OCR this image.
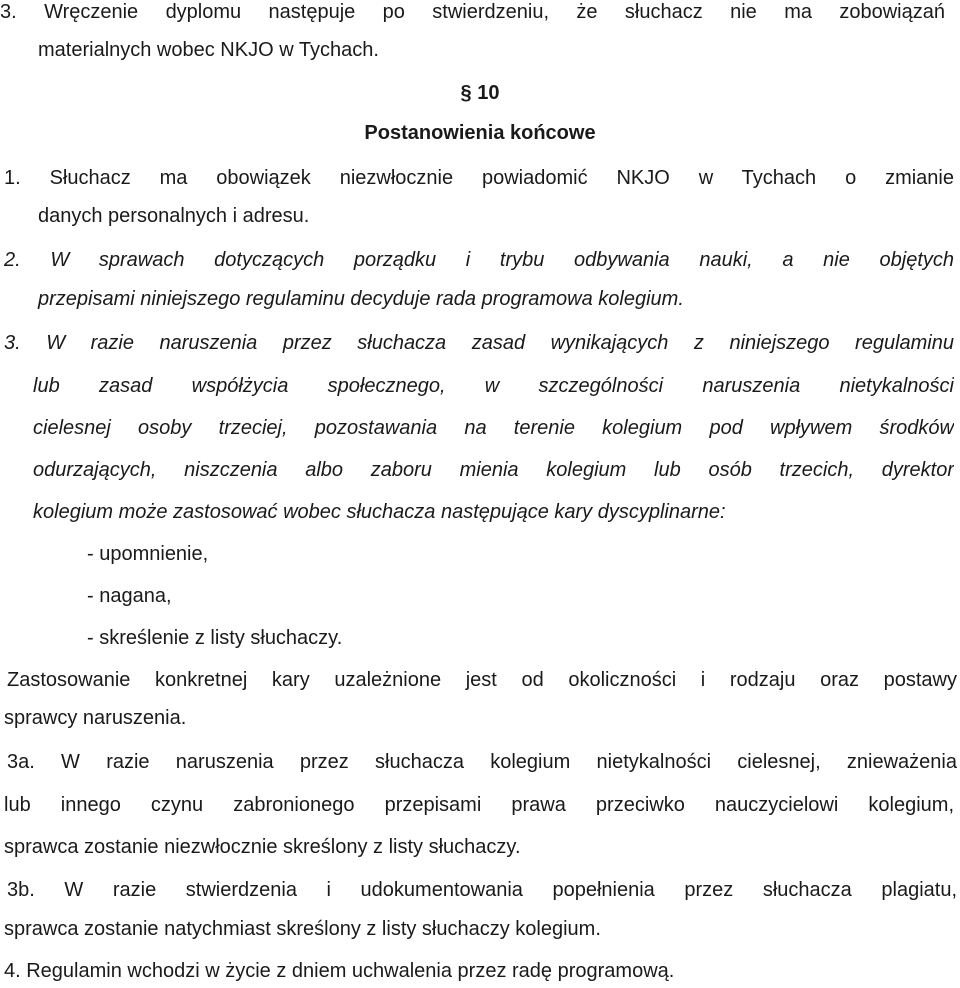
3. Wręczenie dyplomu następuje po stwierdzeniu, że słuchacz nie ma zobowiązań
materialnych wobec NKJO w Tychach.
§ 10
Postanowienia końcowe
1. Słuchacz ma obowiązek niezwłocznie powiadomić NKJO w Tychach o zmianie
danych personalnych i adresu.
2. W sprawach dotyczących porządku i trybu odbywania nauki, a nie objętych
przepisami niniejszego regulaminu decyduje rada programowa kolegium.
3. W razie naruszenia przez słuchacza zasad wynikających z niniejszego regulaminu
lub zasad współżycia społecznego, w szczególności naruszenia nietykalności
cielesnej osoby trzeciej, pozostawania na terenie kolegium pod wpływem środków
odurzających, niszczenia albo zaboru mienia kolegium lub osób trzecich, dyrektor
kolegium może zastosować wobec słuchacza następujące kary dyscyplinarne:
- upomnienie,
- nagana,
- skreślenie z listy słuchaczy.
Zastosowanie konkretnej kary uzależnione jest od okoliczności i rodzaju oraz postawy
sprawcy naruszenia.
3a. W razie naruszenia przez słuchacza kolegium nietykalności cielesnej, znieważenia
lub innego czynu zabronionego przepisami prawa przeciwko nauczycielowi kolegium,
sprawca zostanie niezwłocznie skreślony z listy słuchaczy.
3b. W razie stwierdzenia i udokumentowania popełnienia przez słuchacza plagiatu,
sprawca zostanie natychmiast skreślony z listy słuchaczy kolegium.
4. Regulamin wchodzi w życie z dniem uchwalenia przez radę programową.
